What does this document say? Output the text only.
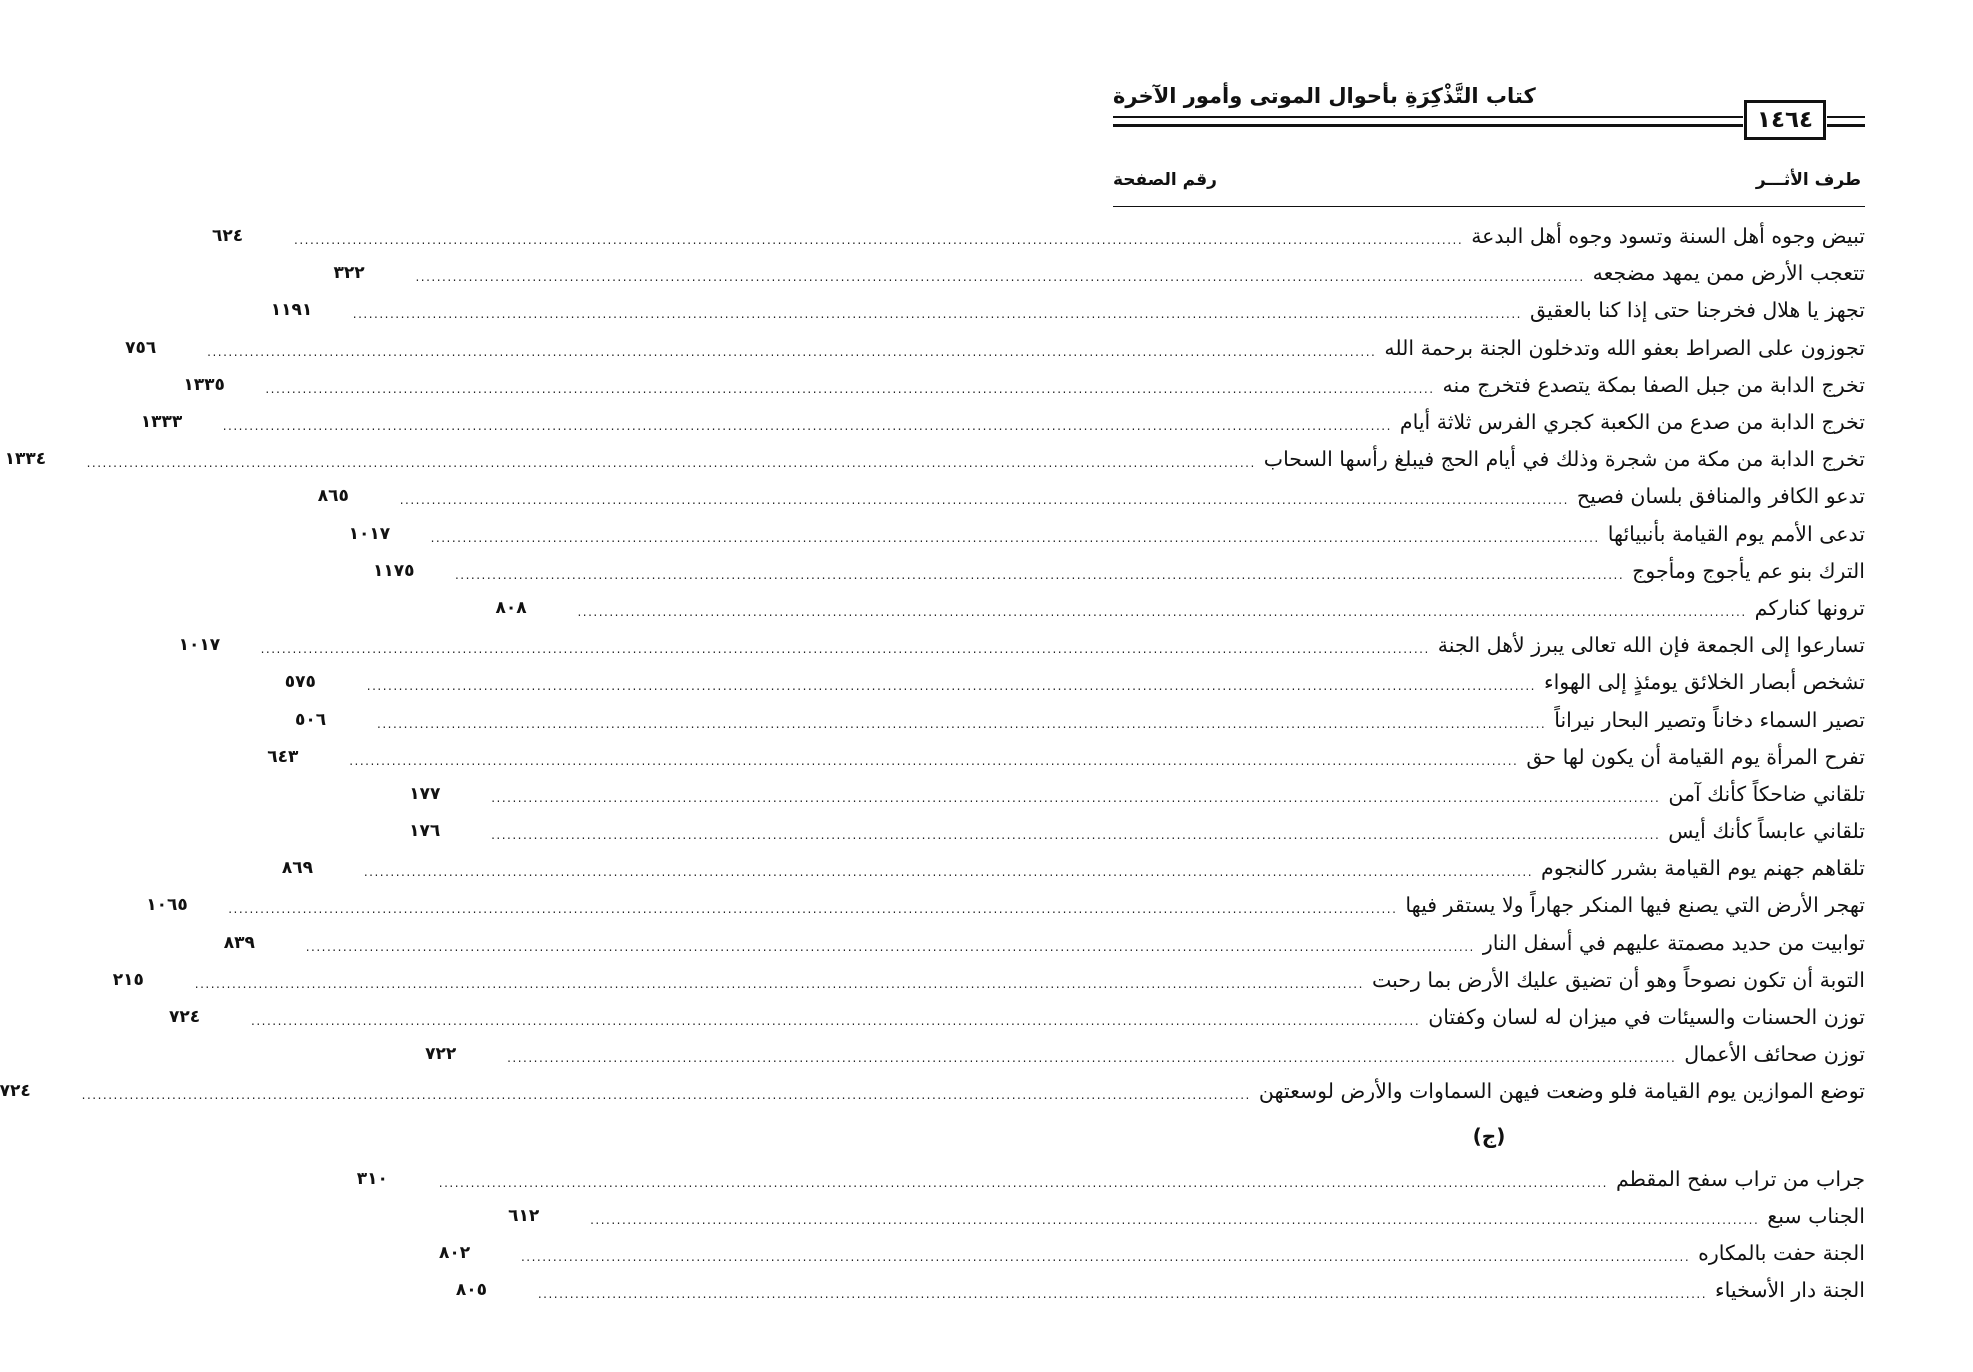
كتاب التَّذْكِرَةِ بأحوال الموتى وأمور الآخرة
١٤٦٤
طرف الأثـــر
رقم الصفحة
تبيض وجوه أهل السنة وتسود وجوه أهل البدعة
............................................................................................................................................................................................................................
٦٢٤
تتعجب الأرض ممن يمهد مضجعه
............................................................................................................................................................................................................................
٣٢٢
تجهز يا هلال فخرجنا حتى إذا كنا بالعقيق
............................................................................................................................................................................................................................
١١٩١
تجوزون على الصراط بعفو الله وتدخلون الجنة برحمة الله
............................................................................................................................................................................................................................
٧٥٦
تخرج الدابة من جبل الصفا بمكة يتصدع فتخرج منه
............................................................................................................................................................................................................................
١٣٣٥
تخرج الدابة من صدع من الكعبة كجري الفرس ثلاثة أيام
............................................................................................................................................................................................................................
١٣٣٣
تخرج الدابة من مكة من شجرة وذلك في أيام الحج فيبلغ رأسها السحاب
............................................................................................................................................................................................................................
١٣٣٤
تدعو الكافر والمنافق بلسان فصيح
............................................................................................................................................................................................................................
٨٦٥
تدعى الأمم يوم القيامة بأنبيائها
............................................................................................................................................................................................................................
١٠١٧
الترك بنو عم يأجوج ومأجوج
............................................................................................................................................................................................................................
١١٧٥
ترونها كناركم
............................................................................................................................................................................................................................
٨٠٨
تسارعوا إلى الجمعة فإن الله تعالى يبرز لأهل الجنة
............................................................................................................................................................................................................................
١٠١٧
تشخص أبصار الخلائق يومئذٍ إلى الهواء
............................................................................................................................................................................................................................
٥٧٥
تصير السماء دخاناً وتصير البحار نيراناً
............................................................................................................................................................................................................................
٥٠٦
تفرح المرأة يوم القيامة أن يكون لها حق
............................................................................................................................................................................................................................
٦٤٣
تلقاني ضاحكاً كأنك آمن
............................................................................................................................................................................................................................
١٧٧
تلقاني عابساً كأنك أيس
............................................................................................................................................................................................................................
١٧٦
تلقاهم جهنم يوم القيامة بشرر كالنجوم
............................................................................................................................................................................................................................
٨٦٩
تهجر الأرض التي يصنع فيها المنكر جهاراً ولا يستقر فيها
............................................................................................................................................................................................................................
١٠٦٥
توابيت من حديد مصمتة عليهم في أسفل النار
............................................................................................................................................................................................................................
٨٣٩
التوبة أن تكون نصوحاً وهو أن تضيق عليك الأرض بما رحبت
............................................................................................................................................................................................................................
٢١٥
توزن الحسنات والسيئات في ميزان له لسان وكفتان
............................................................................................................................................................................................................................
٧٢٤
توزن صحائف الأعمال
............................................................................................................................................................................................................................
٧٢٢
توضع الموازين يوم القيامة فلو وضعت فيهن السماوات والأرض لوسعتهن
............................................................................................................................................................................................................................
٧٢٤
(ج)
جراب من تراب سفح المقطم
............................................................................................................................................................................................................................
٣١٠
الجناب سبع
............................................................................................................................................................................................................................
٦١٢
الجنة حفت بالمكاره
............................................................................................................................................................................................................................
٨٠٢
الجنة دار الأسخياء
............................................................................................................................................................................................................................
٨٠٥
